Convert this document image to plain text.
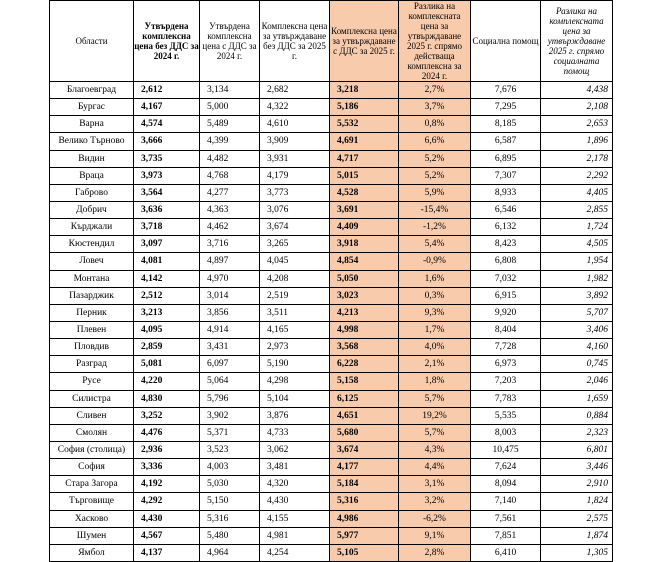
Области	Утвърдена комплексна цена без ДДС за 2024 г.	Утвърдена комплексна цена с ДДС за 2024 г.	Комплексна цена за утвърждаване без ДДС за 2025 г.	Комплексна цена за утвърждаване с ДДС за 2025 г.	Разлика на комплексната цена за утвърждаване 2025 г. спрямо действаща комплексна за 2024 г.	Социална помощ	Разлика на комплексната цена за утвърждаване 2025 г. спрямо социалната помощ
Благоевград	2,612	3,134	2,682	3,218	2,7%	7,676	4,438
Бургас	4,167	5,000	4,322	5,186	3,7%	7,295	2,108
Варна	4,574	5,489	4,610	5,532	0,8%	8,185	2,653
Велико Търново	3,666	4,399	3,909	4,691	6,6%	6,587	1,896
Видин	3,735	4,482	3,931	4,717	5,2%	6,895	2,178
Враца	3,973	4,768	4,179	5,015	5,2%	7,307	2,292
Габрово	3,564	4,277	3,773	4,528	5,9%	8,933	4,405
Добрич	3,636	4,363	3,076	3,691	-15,4%	6,546	2,855
Кърджали	3,718	4,462	3,674	4,409	-1,2%	6,132	1,724
Кюстендил	3,097	3,716	3,265	3,918	5,4%	8,423	4,505
Ловеч	4,081	4,897	4,045	4,854	-0,9%	6,808	1,954
Монтана	4,142	4,970	4,208	5,050	1,6%	7,032	1,982
Пазарджик	2,512	3,014	2,519	3,023	0,3%	6,915	3,892
Перник	3,213	3,856	3,511	4,213	9,3%	9,920	5,707
Плевен	4,095	4,914	4,165	4,998	1,7%	8,404	3,406
Пловдив	2,859	3,431	2,973	3,568	4,0%	7,728	4,160
Разград	5,081	6,097	5,190	6,228	2,1%	6,973	0,745
Русе	4,220	5,064	4,298	5,158	1,8%	7,203	2,046
Силистра	4,830	5,796	5,104	6,125	5,7%	7,783	1,659
Сливен	3,252	3,902	3,876	4,651	19,2%	5,535	0,884
Смолян	4,476	5,371	4,733	5,680	5,7%	8,003	2,323
София (столица)	2,936	3,523	3,062	3,674	4,3%	10,475	6,801
София	3,336	4,003	3,481	4,177	4,4%	7,624	3,446
Стара Загора	4,192	5,030	4,320	5,184	3,1%	8,094	2,910
Търговище	4,292	5,150	4,430	5,316	3,2%	7,140	1,824
Хасково	4,430	5,316	4,155	4,986	-6,2%	7,561	2,575
Шумен	4,567	5,480	4,981	5,977	9,1%	7,851	1,874
Ямбол	4,137	4,964	4,254	5,105	2,8%	6,410	1,305
